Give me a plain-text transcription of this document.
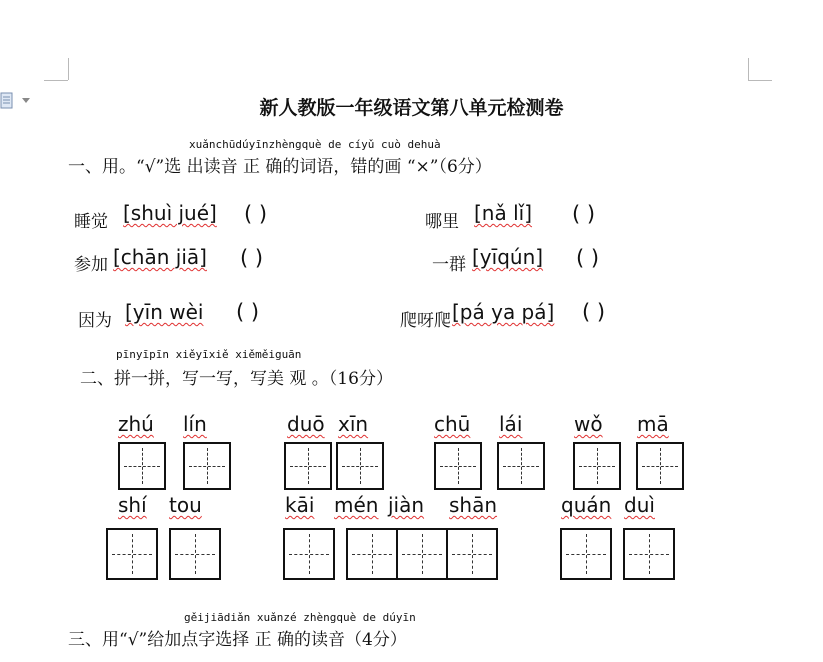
新人教版一年级语文第八单元检测卷
xuǎnchūdúyīnzhèngquè de cíyǔ cuò dehuà
一、用。“√”选 出读音 正 确的词语，错的画 “×”（6分）
睡觉 [shuì jué] ( )	哪里 [nǎ lǐ] ( )
参加 [chān jiā] ( )	一群 [yīqún] ( )
因为 [yīn wèi ( )	爬呀爬 [pá ya pá] ( )
pīnyīpīn xiěyīxiě xiěměiguān
二、拼一拼，写一写，写美 观 。（16分）
zhú lín	duō xīn	chū lái	wǒ mā
shí tou	kāi mén jiàn shān	quán duì
gěijiādiǎn xuǎnzé zhèngquè de dúyīn
三、用“√”给加点字选择 正 确的读音（4分）
